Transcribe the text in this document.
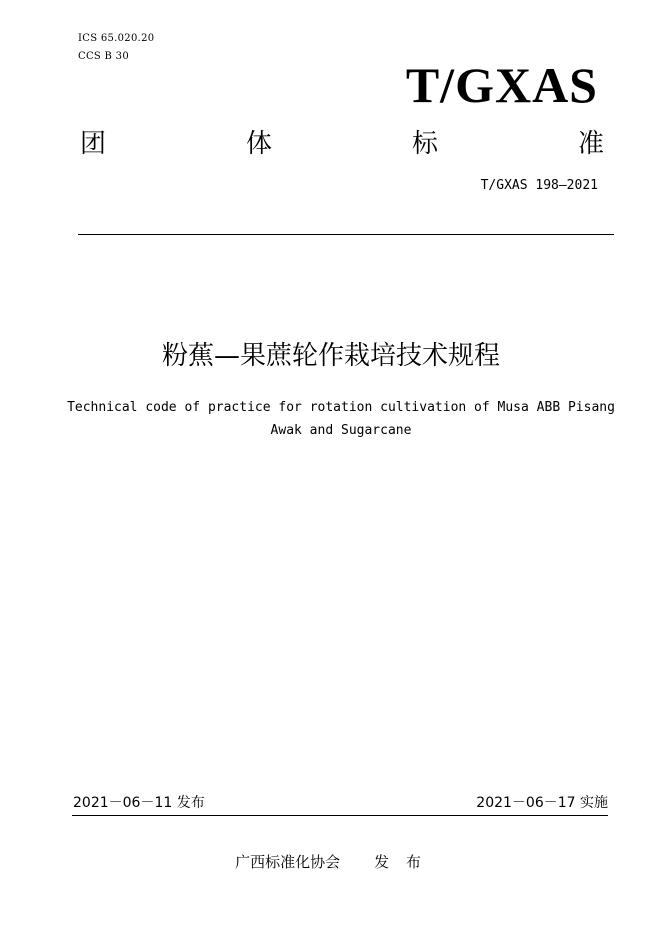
ICS 65.020.20
CCS B 30
T/GXAS
团	体	标	准
T/GXAS 198—2021
粉蕉—果蔗轮作栽培技术规程
Technical code of practice for rotation cultivation of Musa ABB Pisang Awak and Sugarcane
2021－06－11 发布	2021－06－17 实施
广西标准化协会 发 布
